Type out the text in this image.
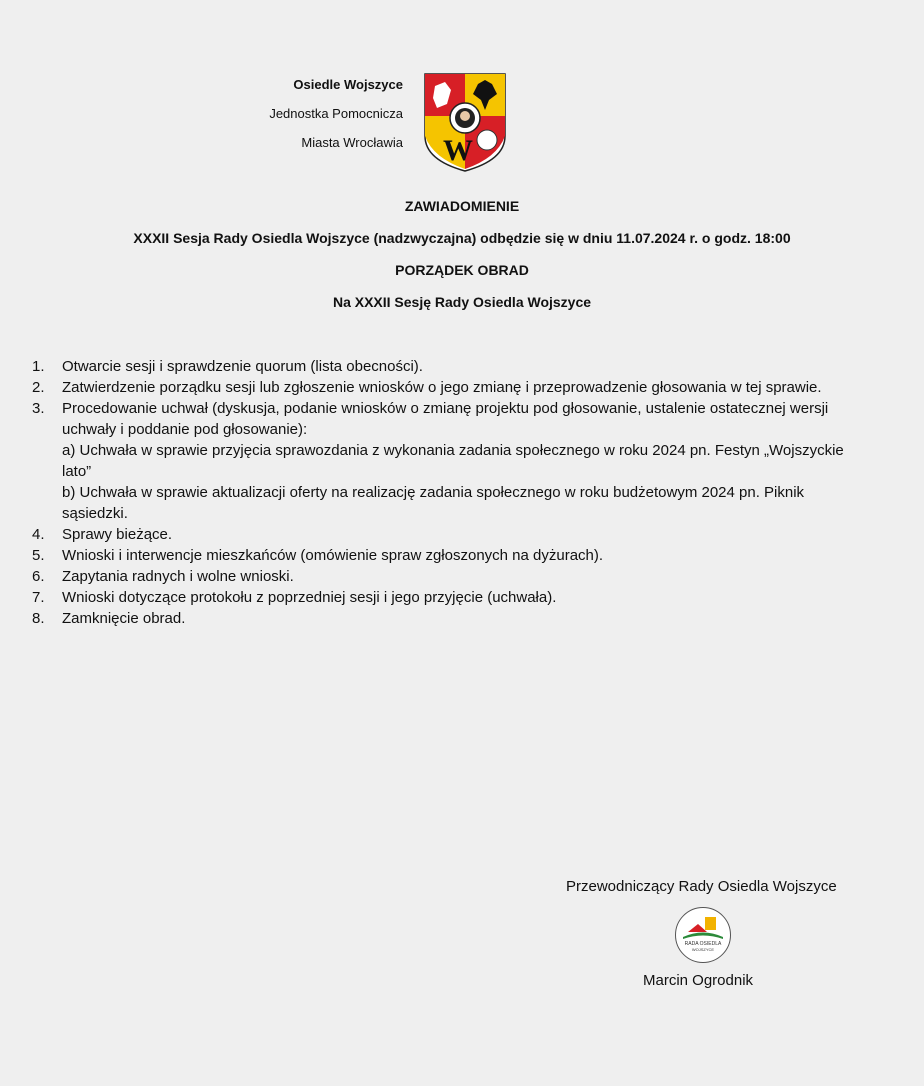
Osiedle Wojszyce
Jednostka Pomocnicza
Miasta Wrocławia W
ZAWIADOMIENIE
XXXII Sesja Rady Osiedla Wojszyce (nadzwyczajna) odbędzie się w dniu 11.07.2024 r. o godz. 18:00
PORZĄDEK OBRAD
Na XXXII Sesję Rady Osiedla Wojszyce
1.	Otwarcie sesji i sprawdzenie quorum (lista obecności).
2.	Zatwierdzenie porządku sesji lub zgłoszenie wniosków o jego zmianę i przeprowadzenie głosowania w tej sprawie.
3.	Procedowanie uchwał (dyskusja, podanie wniosków o zmianę projektu pod głosowanie, ustalenie ostatecznej wersji uchwały i poddanie pod głosowanie):
a) Uchwała w sprawie przyjęcia sprawozdania z wykonania zadania społecznego w roku 2024 pn. Festyn „Wojszyckie lato”
b) Uchwała w sprawie aktualizacji oferty na realizację zadania społecznego w roku budżetowym 2024 pn. Piknik sąsiedzki.
4.	Sprawy bieżące.
5.	Wnioski i interwencje mieszkańców (omówienie spraw zgłoszonych na dyżurach).
6.	Zapytania radnych i wolne wnioski.
7.	Wnioski dotyczące protokołu z poprzedniej sesji i jego przyjęcie (uchwała).
8.	Zamknięcie obrad.
Przewodniczący Rady Osiedla Wojszyce
RADA OSIEDLA
WOJSZYCE
Marcin Ogrodnik
